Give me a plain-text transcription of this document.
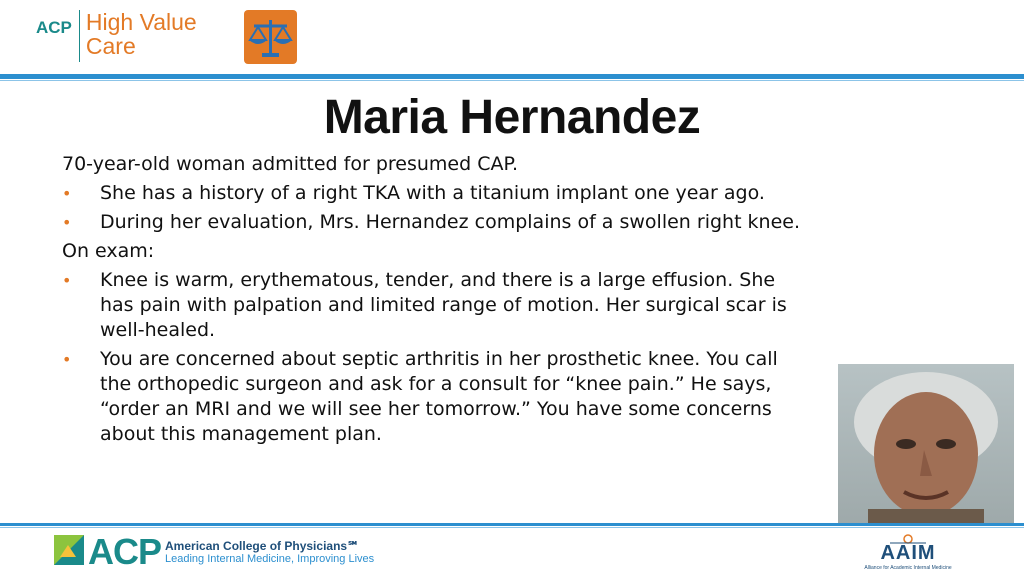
ACP High Value
Care
Maria Hernandez

70-year-old woman admitted for presumed CAP.

• She has a history of a right TKA with a titanium implant one year ago.
• During her evaluation, Mrs. Hernandez complains of a swollen right knee.

On exam:

• Knee is warm, erythematous, tender, and there is a large effusion. She has pain with palpation and limited range of motion. Her surgical scar is well-healed.
• You are concerned about septic arthritis in her prosthetic knee. You call the orthopedic surgeon and ask for a consult for “knee pain.” He says, “order an MRI and we will see her tomorrow.” You have some concerns about this management plan.
ACP American College of Physicians℠
Leading Internal Medicine, Improving Lives	AAIM
Alliance for Academic Internal Medicine
